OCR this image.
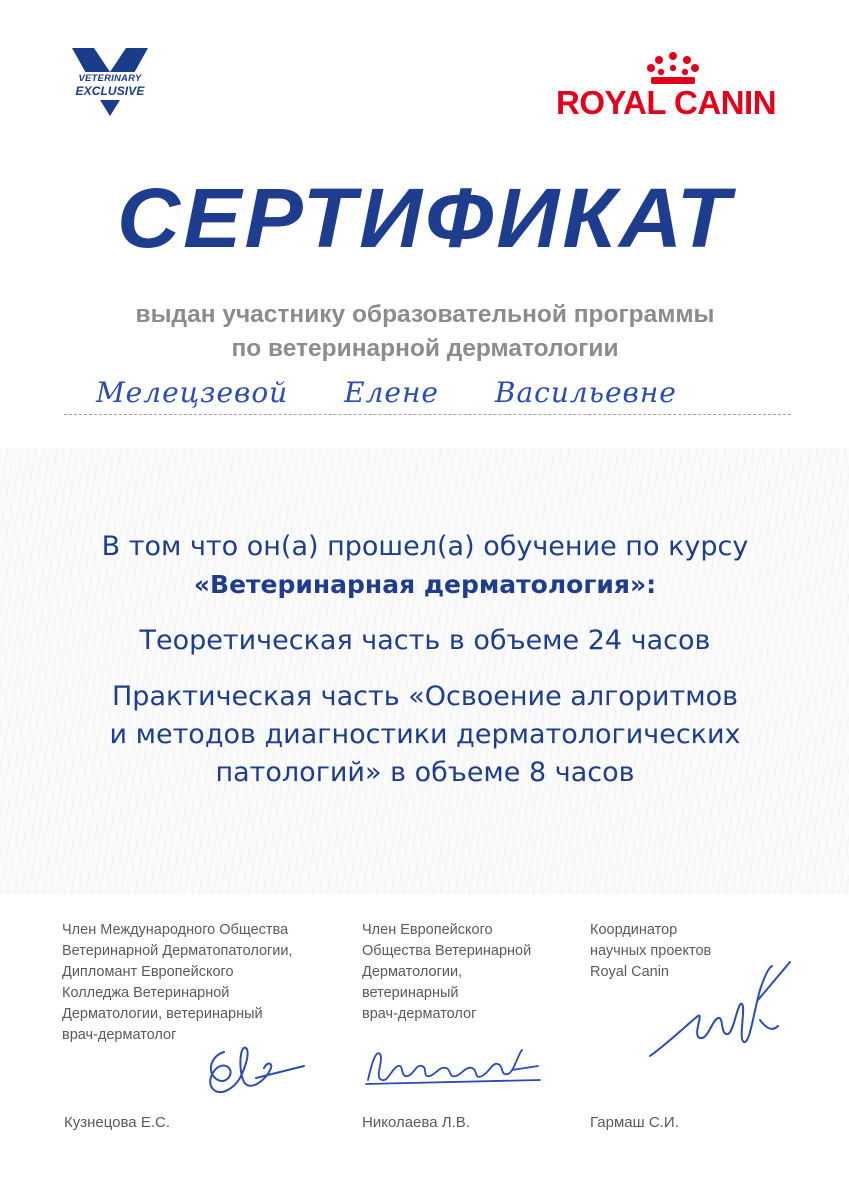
VETERINARY
EXCLUSIVE	ROYAL CANIN
СЕРТИФИКАТ
выдан участнику образовательной программы
по ветеринарной дерматологии
Мелецзевой Елене Васильевне
В том что он(а) прошел(а) обучение по курсу
«Ветеринарная дерматология»:
Теоретическая часть в объеме 24 часов
Практическая часть «Освоение алгоритмов
и методов диагностики дерматологических
патологий» в объеме 8 часов
Член Международного Общества
Ветеринарной Дерматопатологии,
Дипломант Европейского
Колледжа Ветеринарной
Дерматологии, ветеринарный
врач-дерматолог
Член Европейского
Общества Ветеринарной
Дерматологии,
ветеринарный
врач-дерматолог
Координатор
научных проектов
Royal Canin
Кузнецова Е.С.	Николаева Л.В.	Гармаш С.И.
